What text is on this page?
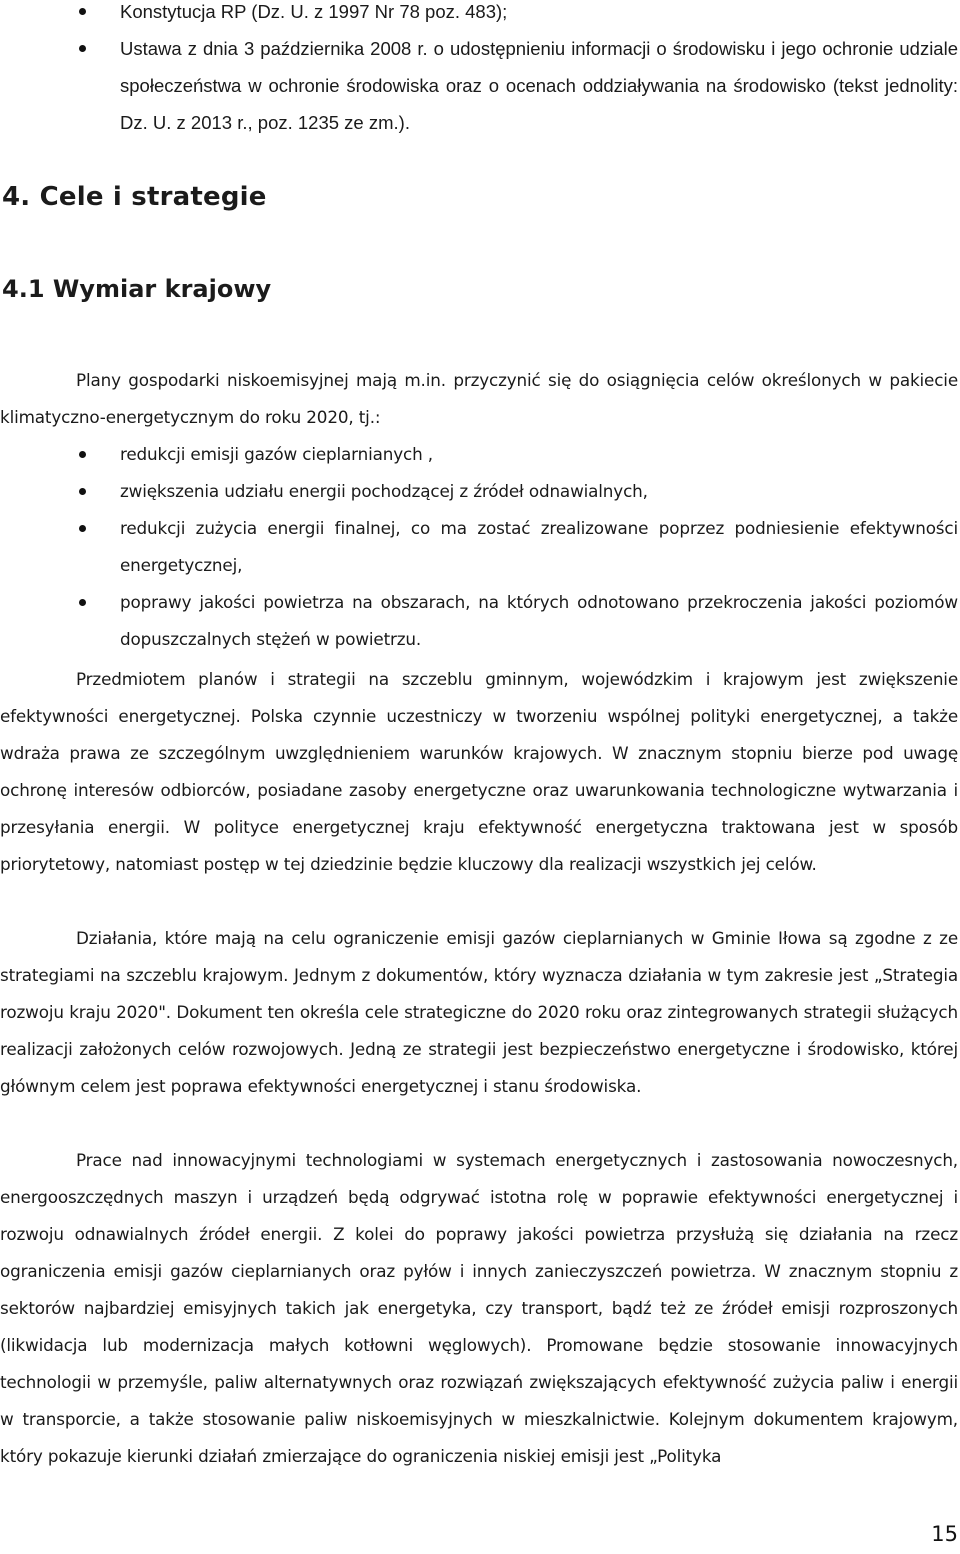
Konstytucja RP (Dz. U. z 1997 Nr 78 poz. 483);
Ustawa z dnia 3 października 2008 r. o udostępnieniu informacji o środowisku i jego ochronie udziale społeczeństwa w ochronie środowiska oraz o ocenach oddziaływania na środowisko (tekst jednolity: Dz. U. z 2013 r., poz. 1235 ze zm.).
4. Cele i strategie
4.1 Wymiar krajowy
Plany gospodarki niskoemisyjnej mają m.in. przyczynić się do osiągnięcia celów określonych w pakiecie klimatyczno-energetycznym do roku 2020, tj.:
redukcji emisji gazów cieplarnianych ,
zwiększenia udziału energii pochodzącej z źródeł odnawialnych,
redukcji zużycia energii finalnej, co ma zostać zrealizowane poprzez podniesienie efektywności energetycznej,
poprawy jakości powietrza na obszarach, na których odnotowano przekroczenia jakości poziomów dopuszczalnych stężeń w powietrzu.
Przedmiotem planów i strategii na szczeblu gminnym, wojewódzkim i krajowym jest zwiększenie efektywności energetycznej. Polska czynnie uczestniczy w tworzeniu wspólnej polityki energetycznej, a także wdraża prawa ze szczególnym uwzględnieniem warunków krajowych. W znacznym stopniu bierze pod uwagę ochronę interesów odbiorców, posiadane zasoby energetyczne oraz uwarunkowania technologiczne wytwarzania i przesyłania energii. W polityce energetycznej kraju efektywność energetyczna traktowana jest w sposób priorytetowy, natomiast postęp w tej dziedzinie będzie kluczowy dla realizacji wszystkich jej celów.
Działania, które mają na celu ograniczenie emisji gazów cieplarnianych w Gminie Iłowa są zgodne z ze strategiami na szczeblu krajowym. Jednym z dokumentów, który wyznacza działania w tym zakresie jest „Strategia rozwoju kraju 2020". Dokument ten określa cele strategiczne do 2020 roku oraz zintegrowanych strategii służących realizacji założonych celów rozwojowych. Jedną ze strategii jest bezpieczeństwo energetyczne i środowisko, której głównym celem jest poprawa efektywności energetycznej i stanu środowiska.
Prace nad innowacyjnymi technologiami w systemach energetycznych i zastosowania nowoczesnych, energooszczędnych maszyn i urządzeń będą odgrywać istotna rolę w poprawie efektywności energetycznej i rozwoju odnawialnych źródeł energii. Z kolei do poprawy jakości powietrza przysłużą się działania na rzecz ograniczenia emisji gazów cieplarnianych oraz pyłów i innych zanieczyszczeń powietrza. W znacznym stopniu z sektorów najbardziej emisyjnych takich jak energetyka, czy transport, bądź też ze źródeł emisji rozproszonych (likwidacja lub modernizacja małych kotłowni węglowych). Promowane będzie stosowanie innowacyjnych technologii w przemyśle, paliw alternatywnych oraz rozwiązań zwiększających efektywność zużycia paliw i energii w transporcie, a także stosowanie paliw niskoemisyjnych w mieszkalnictwie. Kolejnym dokumentem krajowym, który pokazuje kierunki działań zmierzające do ograniczenia niskiej emisji jest „Polityka
15
